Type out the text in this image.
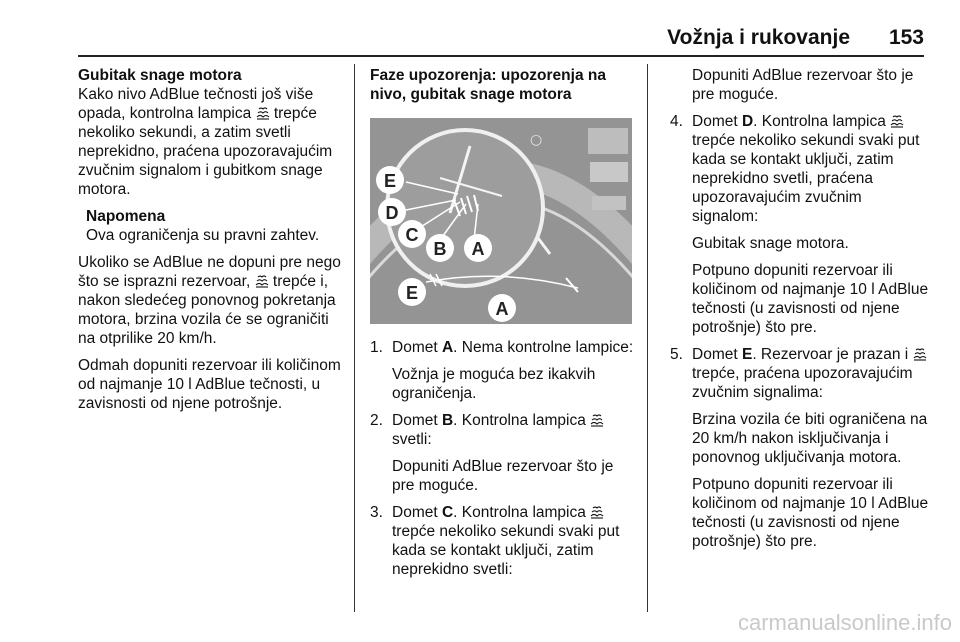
Vožnja i rukovanje 153
Gubitak snage motora

Kako nivo AdBlue tečnosti još više opada, kontrolna lampica trepće nekoliko sekundi, a zatim svetli neprekidno, praćena upozoravajućim zvučnim signalom i gubitkom snage motora.

Napomena
Ova ograničenja su pravni zahtev.

Ukoliko se AdBlue ne dopuni pre nego što se isprazni rezervoar, trepće i, nakon sledećeg ponovnog pokretanja motora, brzina vozila će se ograničiti na otprilike 20 km/h.

Odmah dopuniti rezervoar ili količinom od najmanje 10 l AdBlue tečnosti, u zavisnosti od njene potrošnje.

Faze upozorenja: upozorenja na nivo, gubitak snage motora
○
E
D
C
B A
E
A
1. Domet A. Nema kontrolne lampice:
Vožnja je moguća bez ikakvih ograničenja.
2. Domet B. Kontrolna lampica  svetli:
Dopuniti AdBlue rezervoar što je pre moguće.
3. Domet C. Kontrolna lampica  trepće nekoliko sekundi svaki put kada se kontakt uključi, zatim neprekidno svetli:

Dopuniti AdBlue rezervoar što je pre moguće.

4. Domet D. Kontrolna lampica  trepće nekoliko sekundi svaki put kada se kontakt uključi, zatim neprekidno svetli, praćena upozoravajućim zvučnim signalom:
Gubitak snage motora.
Potpuno dopuniti rezervoar ili količinom od najmanje 10 l AdBlue tečnosti (u zavisnosti od njene potrošnje) što pre.
5. Domet E. Rezervoar je prazan i  trepće, praćena upozoravajućim zvučnim signalima:
Brzina vozila će biti ograničena na 20 km/h nakon isključivanja i ponovnog uključivanja motora.
Potpuno dopuniti rezervoar ili količinom od najmanje 10 l AdBlue tečnosti (u zavisnosti od njene potrošnje) što pre.
carmanualsonline.info
